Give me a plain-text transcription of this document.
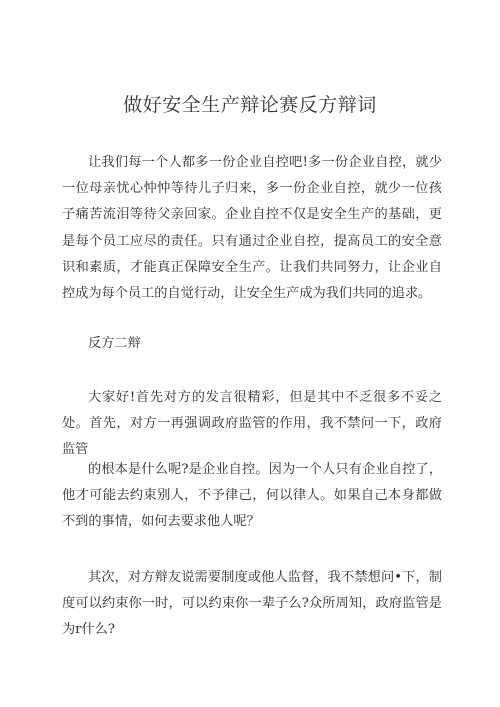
做好安全生产辩论赛反方辩词

让我们每一个人都多一份企业自控吧!多一份企业自控，就少一位母亲忧心忡忡等待儿子归来，多一份企业自控，就少一位孩子痛苦流泪等待父亲回家。企业自控不仅是安全生产的基础，更是每个员工应尽的责任。只有通过企业自控，提高员工的安全意识和素质，才能真正保障安全生产。让我们共同努力，让企业自控成为每个员工的自觉行动，让安全生产成为我们共同的追求。

反方二辩

大家好!首先对方的发言很精彩，但是其中不乏很多不妥之处。首先，对方一再强调政府监管的作用，我不禁问一下，政府监管

的根本是什么呢?是企业自控。因为一个人只有企业自控了，他才可能去约束别人，不予律己，何以律人。如果自己本身都做不到的事情，如何去要求他人呢？

其次，对方辩友说需要制度或他人监督，我不禁想问•下，制度可以约束你一时，可以约束你一辈子么?众所周知，政府监管是为r什么?
